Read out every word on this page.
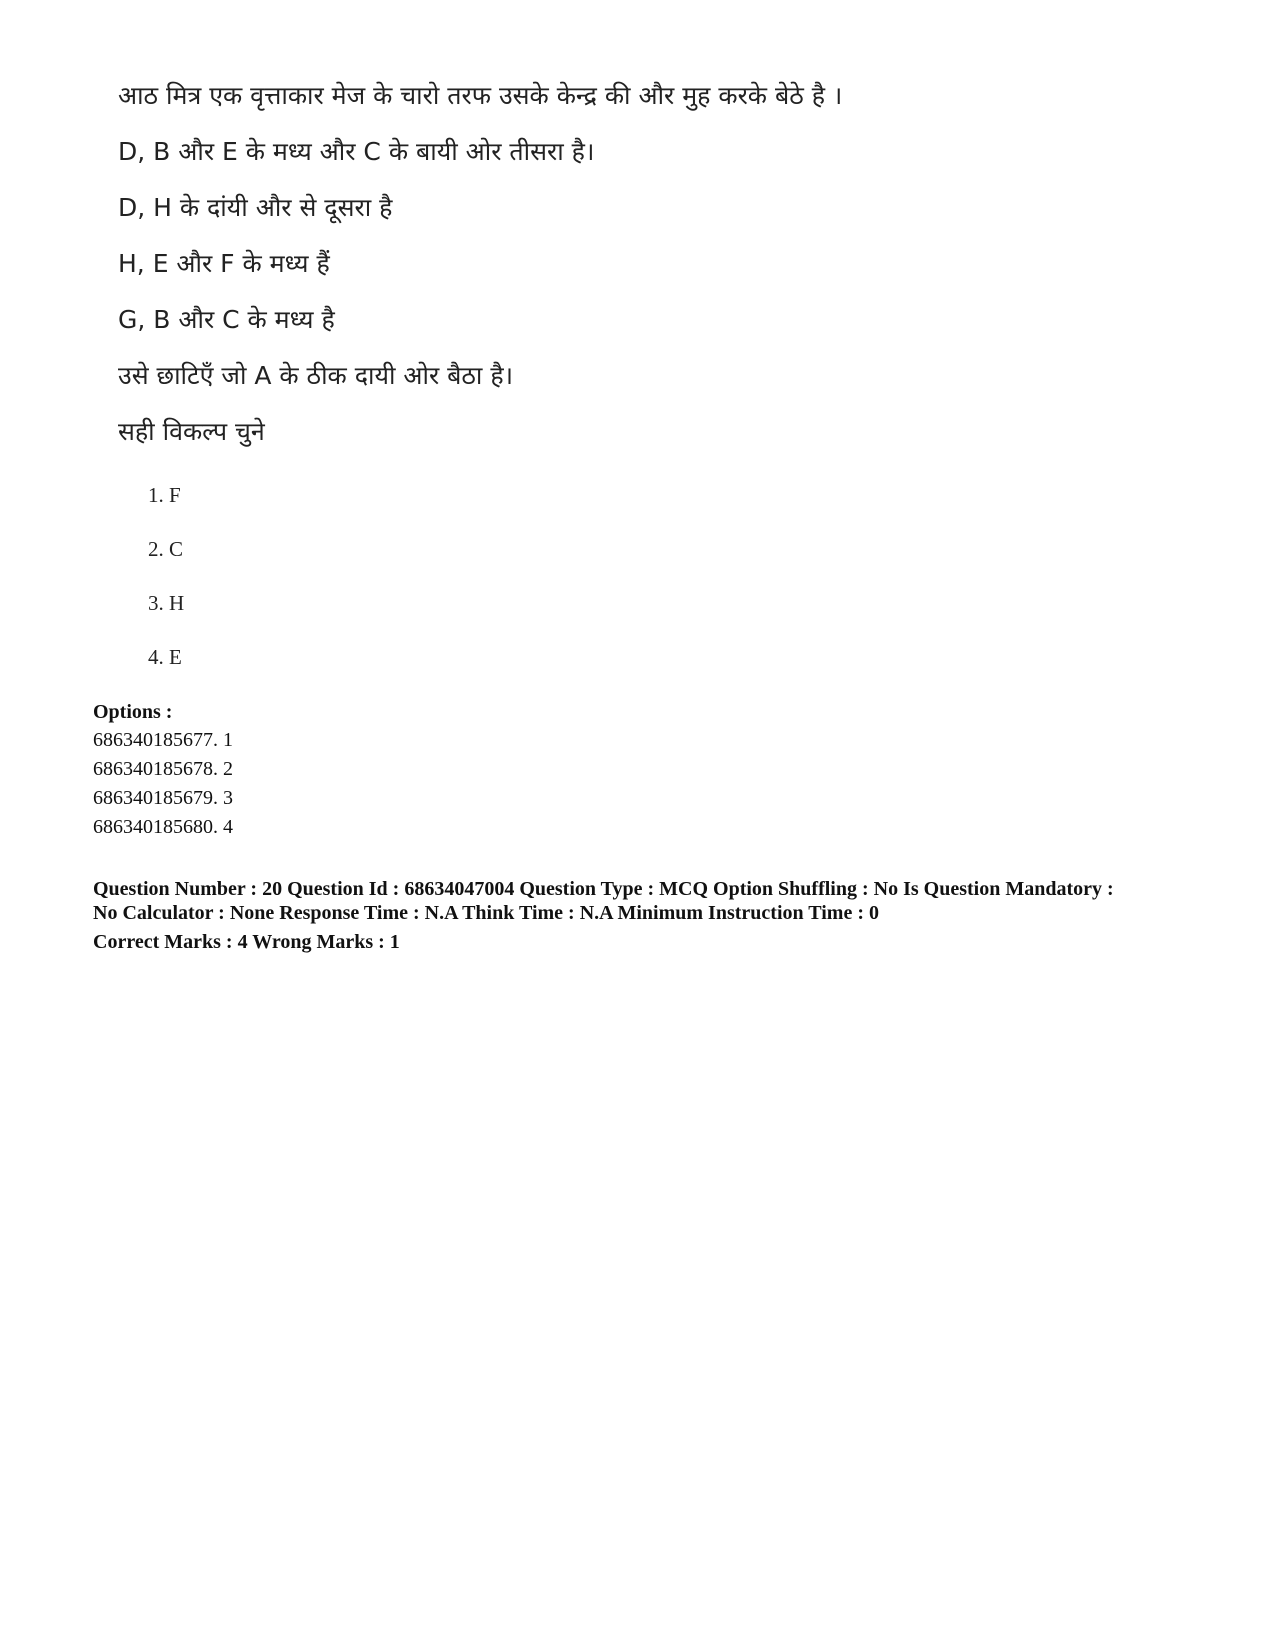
आठ मित्र एक वृत्ताकार मेज के चारो तरफ उसके केन्द्र की और मुह करके बेठे है ।
D, B और E के मध्य और C के बायी ओर तीसरा है।
D, H के दांयी और से दूसरा है
H, E और F के मध्य हैं
G, B और C के मध्य है
उसे छाटिएँ जो A के ठीक दायी ओर बैठा है।
सही विकल्प चुने
1. F
2. C
3. H
4. E
Options :
686340185677. 1
686340185678. 2
686340185679. 3
686340185680. 4
Question Number : 20 Question Id : 68634047004 Question Type : MCQ Option Shuffling : No Is Question Mandatory :
No Calculator : None Response Time : N.A Think Time : N.A Minimum Instruction Time : 0
Correct Marks : 4 Wrong Marks : 1
